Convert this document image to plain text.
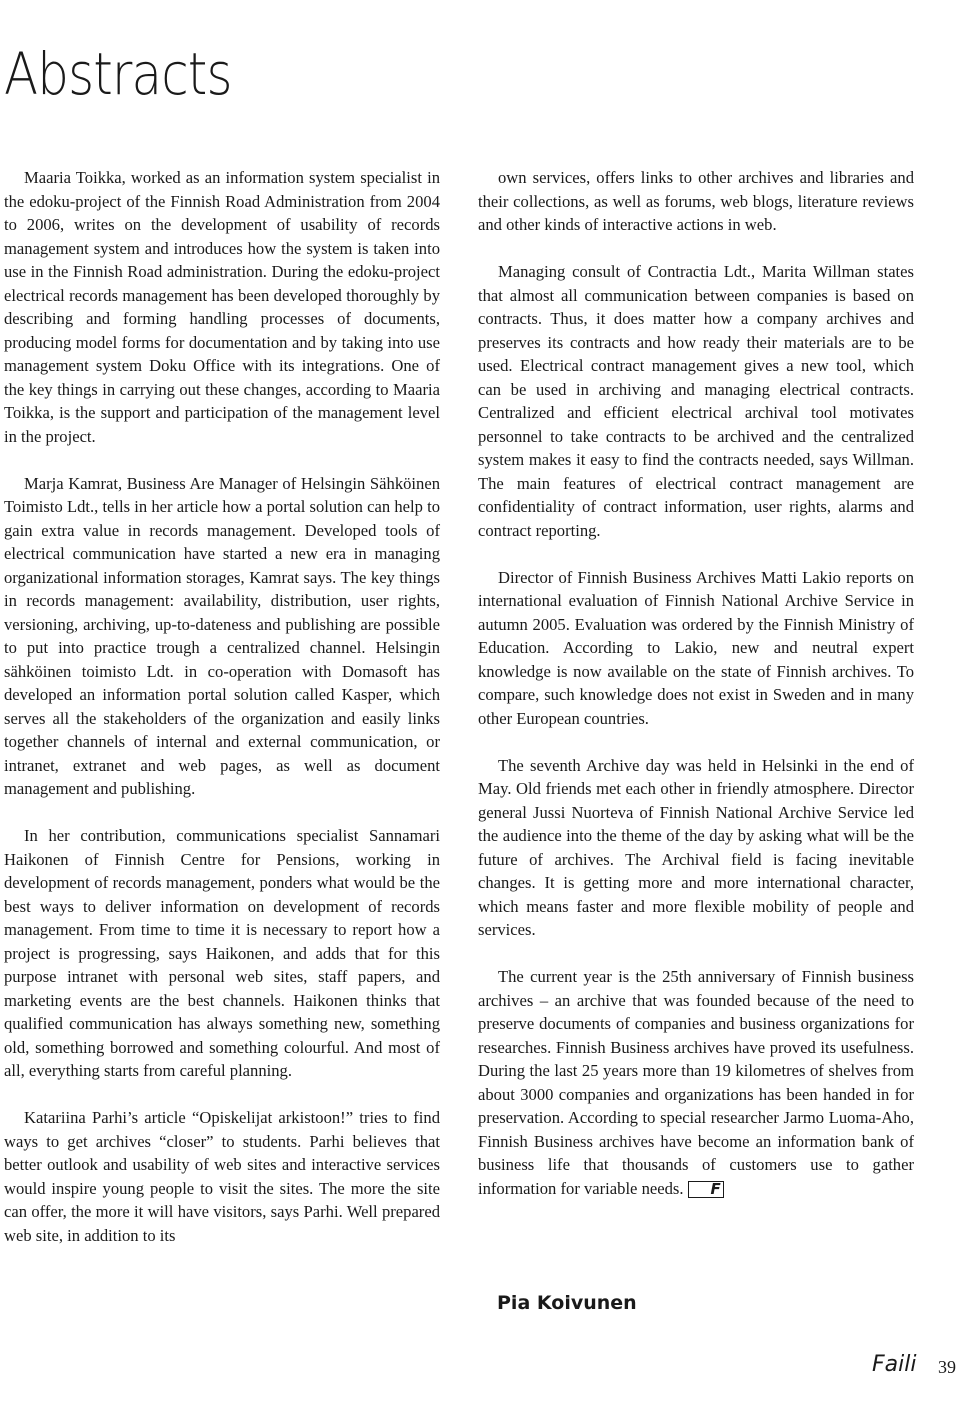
Abstracts

Maaria Toikka, worked as an information system specialist in the edoku-project of the Finnish Road Administration from 2004 to 2006, writes on the development of usability of records management system and introduces how the system is taken into use in the Finnish Road administration. During the edoku-project electrical records management has been developed thoroughly by describing and forming handling processes of documents, producing model forms for documentation and by taking into use management system Doku Office with its integrations. One of the key things in carrying out these changes, according to Maaria Toikka, is the support and participation of the management level in the project.

Marja Kamrat, Business Are Manager of Helsingin Sähköinen Toimisto Ldt., tells in her article how a portal solution can help to gain extra value in records management. Developed tools of electrical communication have started a new era in managing organizational information storages, Kamrat says. The key things in records management: availability, distribution, user rights, versioning, archiving, up-to-dateness and publishing are possible to put into practice trough a centralized channel. Helsingin sähköinen toimisto Ldt. in co-operation with Domasoft has developed an information portal solution called Kasper, which serves all the stakeholders of the organization and easily links together channels of internal and external communication, or intranet, extranet and web pages, as well as document management and publishing.

In her contribution, communications specialist Sannamari Haikonen of Finnish Centre for Pensions, working in development of records management, ponders what would be the best ways to deliver information on development of records management. From time to time it is necessary to report how a project is progressing, says Haikonen, and adds that for this purpose intranet with personal web sites, staff papers, and marketing events are the best channels. Haikonen thinks that qualified communication has always something new, something old, something borrowed and something colourful. And most of all, everything starts from careful planning.

Katariina Parhi’s article “Opiskelijat arkistoon!” tries to find ways to get archives “closer” to students. Parhi believes that better outlook and usability of web sites and interactive services would inspire young people to visit the sites. The more the site can offer, the more it will have visitors, says Parhi. Well prepared web site, in addition to its

own services, offers links to other archives and libraries and their collections, as well as forums, web blogs, literature reviews and other kinds of interactive actions in web.

Managing consult of Contractia Ldt., Marita Willman states that almost all communication between companies is based on contracts. Thus, it does matter how a company archives and preserves its contracts and how ready their materials are to be used. Electrical contract management gives a new tool, which can be used in archiving and managing electrical contracts. Centralized and efficient electrical archival tool motivates personnel to take contracts to be archived and the centralized system makes it easy to find the contracts needed, says Willman. The main features of electrical contract management are confidentiality of contract information, user rights, alarms and contract reporting.

Director of Finnish Business Archives Matti Lakio reports on international evaluation of Finnish National Archive Service in autumn 2005. Evaluation was ordered by the Finnish Ministry of Education. According to Lakio, new and neutral expert knowledge is now available on the state of Finnish archives. To compare, such knowledge does not exist in Sweden and in many other European countries.

The seventh Archive day was held in Helsinki in the end of May. Old friends met each other in friendly atmosphere. Director general Jussi Nuorteva of Finnish National Archive Service led the audience into the theme of the day by asking what will be the future of archives. The Archival field is facing inevitable changes. It is getting more and more international character, which means faster and more flexible mobility of people and services.

The current year is the 25th anniversary of Finnish business archives – an archive that was founded because of the need to preserve documents of companies and business organizations for researches. Finnish Business archives have proved its usefulness. During the last 25 years more than 19 kilometres of shelves from about 3000 companies and organizations has been handed in for preservation. According to special researcher Jarmo Luoma-Aho, Finnish Business archives have become an information bank of business life that thousands of customers use to gather information for variable needs. F

Pia Koivunen
Faili 39
